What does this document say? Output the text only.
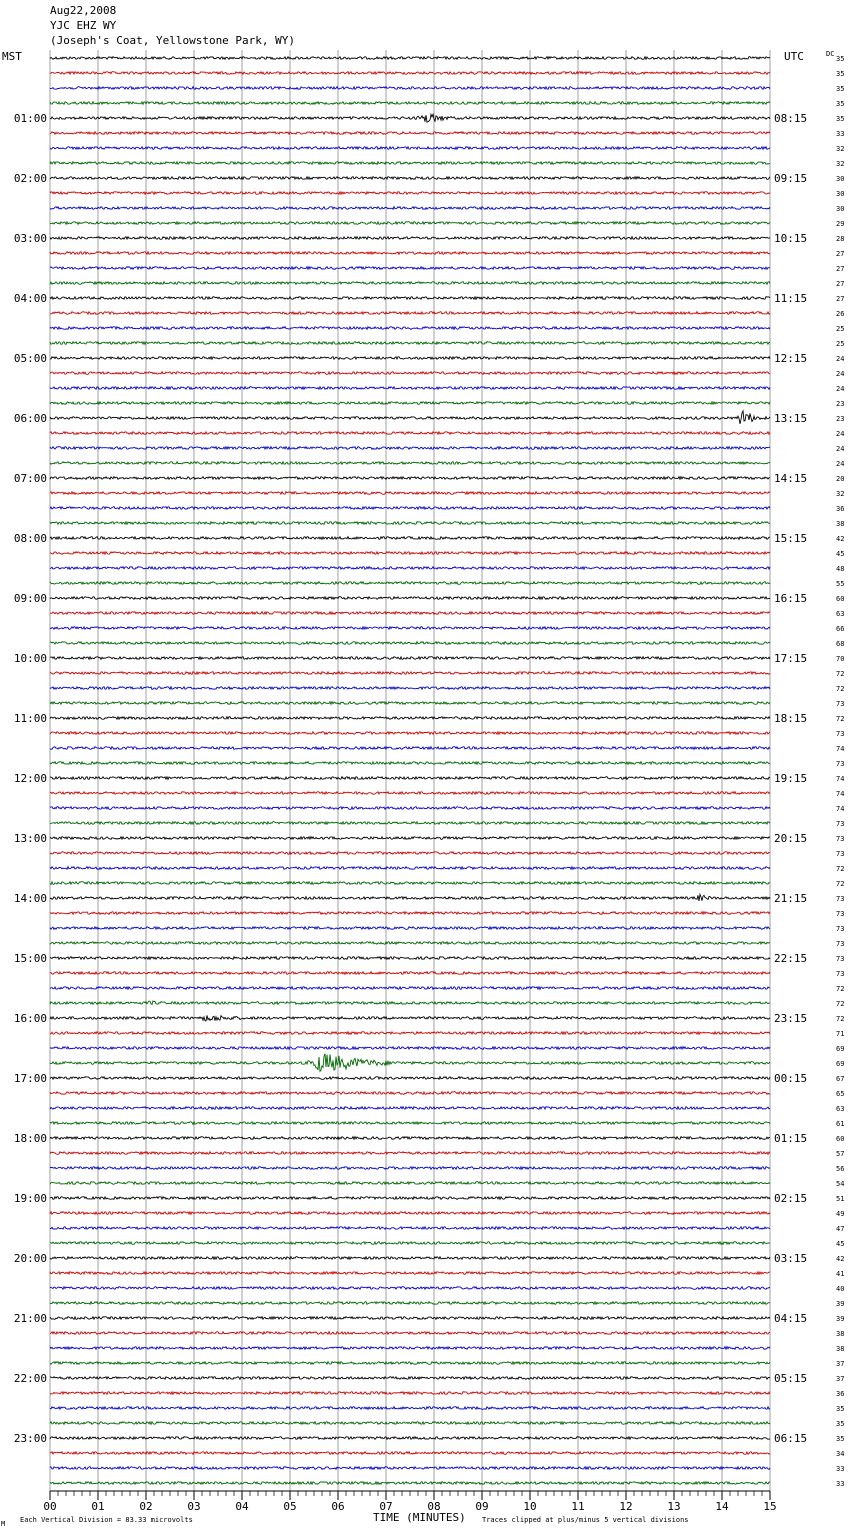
Aug22,2008
YJC EHZ WY
(Joseph's Coat, Yellowstone Park, WY)
MST	UTC	DC
35
35
35
35
35
01:00	08:15
33
32
32
30
02:00	09:15
30
30
29
28
03:00	10:15
27
27
27
27
04:00	11:15
26
25
25
24
05:00	12:15
24
24
23
23
06:00	13:15
24
24
24
20
07:00	14:15
32
36
38
42
08:00	15:15
45
48
55
60
09:00	16:15
63
66
68
70
10:00	17:15
72
72
73
72
11:00	18:15
73
74
73
74
12:00	19:15
74
74
73
73
13:00	20:15
73
72
72
73
14:00	21:15
73
73
73
73
15:00	22:15
73
72
72
72
16:00	23:15
71
69
69
67
17:00	00:15
65
63
61
60
18:00	01:15
57
56
54
51
19:00	02:15
49
47
45
42
20:00	03:15
41
40
39
39
21:00	04:15
38
38
37
37
22:00	05:15
36
35
35
35
23:00	06:15
34
33
33
00	01	02	03	04	05	06	07	08	09	10	11	12	13	14	15
TIME (MINUTES)
Each Vertical Division = 83.33 microvolts	Traces clipped at plus/minus 5 vertical divisions
M
